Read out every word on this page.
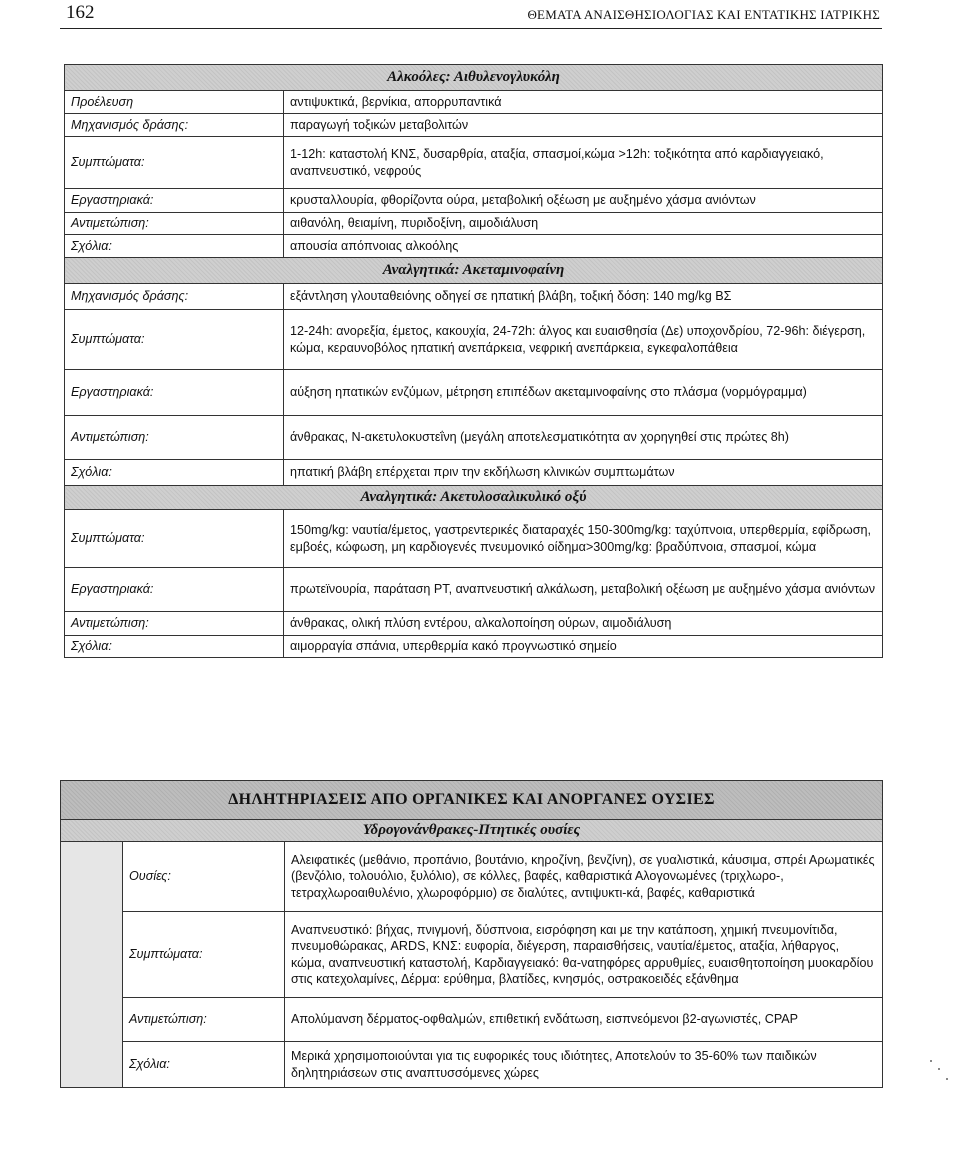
162	ΘΕΜΑΤΑ ΑΝΑΙΣΘΗΣΙΟΛΟΓΙΑΣ ΚΑΙ ΕΝΤΑΤΙΚΗΣ ΙΑΤΡΙΚΗΣ
Αλκοόλες: Αιθυλενογλυκόλη	
Προέλευση	αντιψυκτικά, βερνίκια, απορρυπαντικά
Μηχανισμός δράσης:	παραγωγή τοξικών μεταβολιτών
Συμπτώματα:	1-12h: καταστολή ΚΝΣ, δυσαρθρία, αταξία, σπασμοί,κώμα >12h: τοξικότητα από καρδιαγγειακό, αναπνευστικό, νεφρούς
Εργαστηριακά:	κρυσταλλουρία, φθορίζοντα ούρα, μεταβολική οξέωση με αυξημένο χάσμα ανιόντων
Αντιμετώπιση:	αιθανόλη, θειαμίνη, πυριδοξίνη, αιμοδιάλυση
Σχόλια:	απουσία απόπνοιας αλκοόλης
Αναλγητικά: Ακεταμινοφαίνη	
Μηχανισμός δράσης:	εξάντληση γλουταθειόνης οδηγεί σε ηπατική βλάβη, τοξική δόση: 140 mg/kg ΒΣ
Συμπτώματα:	12-24h: ανορεξία, έμετος, κακουχία, 24-72h: άλγος και ευαισθησία (Δε) υποχονδρίου, 72-96h: διέγερση, κώμα, κεραυνοβόλος ηπατική ανεπάρκεια, νεφρική ανεπάρκεια, εγκεφαλοπάθεια
Εργαστηριακά:	αύξηση ηπατικών ενζύμων, μέτρηση επιπέδων ακεταμινοφαίνης στο πλάσμα (νορμόγραμμα)
Αντιμετώπιση:	άνθρακας, Ν-ακετυλοκυστεΐνη (μεγάλη αποτελεσματικότητα αν χορηγηθεί στις πρώτες 8h)
Σχόλια:	ηπατική βλάβη επέρχεται πριν την εκδήλωση κλινικών συμπτωμάτων
Αναλγητικά: Ακετυλοσαλικυλικό οξύ	
Συμπτώματα:	150mg/kg: ναυτία/έμετος, γαστρεντερικές διαταραχές 150-300mg/kg: ταχύπνοια, υπερθερμία, εφίδρωση, εμβοές, κώφωση, μη καρδιογενές πνευμονικό οίδημα>300mg/kg: βραδύπνοια, σπασμοί, κώμα
Εργαστηριακά:	πρωτεϊνουρία, παράταση PT, αναπνευστική αλκάλωση, μεταβολική οξέωση με αυξημένο χάσμα ανιόντων
Αντιμετώπιση:	άνθρακας, ολική πλύση εντέρου, αλκαλοποίηση ούρων, αιμοδιάλυση
Σχόλια:	αιμορραγία σπάνια, υπερθερμία κακό προγνωστικό σημείο
ΔΗΛΗΤΗΡΙΑΣΕΙΣ ΑΠΟ ΟΡΓΑΝΙΚΕΣ ΚΑΙ ΑΝΟΡΓΑΝΕΣ ΟΥΣΙΕΣ		
Υδρογονάνθρακες-Πτητικές ουσίες		
	Ουσίες:	Αλειφατικές (μεθάνιο, προπάνιο, βουτάνιο, κηροζίνη, βενζίνη), σε γυαλιστικά, κάυσιμα, σπρέι Αρωματικές (βενζόλιο, τολουόλιο, ξυλόλιο), σε κόλλες, βαφές, καθαριστικά Αλογονωμένες (τριχλωρο-, τετραχλωροαιθυλένιο, χλωροφόρμιο) σε διαλύτες, αντιψυκτι-κά, βαφές, καθαριστικά
	Συμπτώματα:	Αναπνευστικό: βήχας, πνιγμονή, δύσπνοια, εισρόφηση και με την κατάποση, χημική πνευμονίτιδα, πνευμοθώρακας, ARDS, ΚΝΣ: ευφορία, διέγερση, παραισθήσεις, ναυτία/έμετος, αταξία, λήθαργος, κώμα, αναπνευστική καταστολή, Καρδιαγγειακό: θα-νατηφόρες αρρυθμίες, ευαισθητοποίηση μυοκαρδίου στις κατεχολαμίνες, Δέρμα: ερύθημα, βλατίδες, κνησμός, οστρακοειδές εξάνθημα
	Αντιμετώπιση:	Απολύμανση δέρματος-οφθαλμών, επιθετική ενδάτωση, εισπνεόμενοι β2-αγωνιστές, CPAP
	Σχόλια:	Μερικά χρησιμοποιούνται για τις ευφορικές τους ιδιότητες, Αποτελούν το 35-60% των παιδικών δηλητηριάσεων στις αναπτυσσόμενες χώρες
